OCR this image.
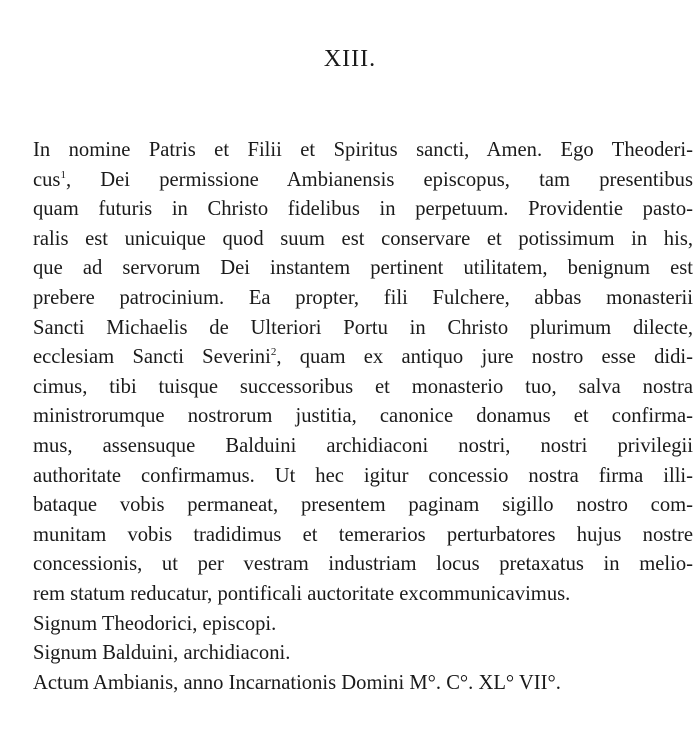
XIII.
In nomine Patris et Filii et Spiritus sancti, Amen. Ego Theoderi-
cus$^1$, Dei permissione Ambianensis episcopus, tam presentibus
quam futuris in Christo fidelibus in perpetuum. Providentie pasto-
ralis est unicuique quod suum est conservare et potissimum in his,
que ad servorum Dei instantem pertinent utilitatem, benignum est
prebere patrocinium. Ea propter, fili Fulchere, abbas monasterii
Sancti Michaelis de Ulteriori Portu in Christo plurimum dilecte,
ecclesiam Sancti Severini$^2$, quam ex antiquo jure nostro esse didi-
cimus, tibi tuisque successoribus et monasterio tuo, salva nostra
ministrorumque nostrorum justitia, canonice donamus et confirma-
mus, assensuque Balduini archidiaconi nostri, nostri privilegii
authoritate confirmamus. Ut hec igitur concessio nostra firma illi-
bataque vobis permaneat, presentem paginam sigillo nostro com-
munitam vobis tradidimus et temerarios perturbatores hujus nostre
concessionis, ut per vestram industriam locus pretaxatus in melio-
rem statum reducatur, pontificali auctoritate excommunicavimus.
Signum Theodorici, episcopi.
Signum Balduini, archidiaconi.
Actum Ambianis, anno Incarnationis Domini M°. C°. XL° VII°.
